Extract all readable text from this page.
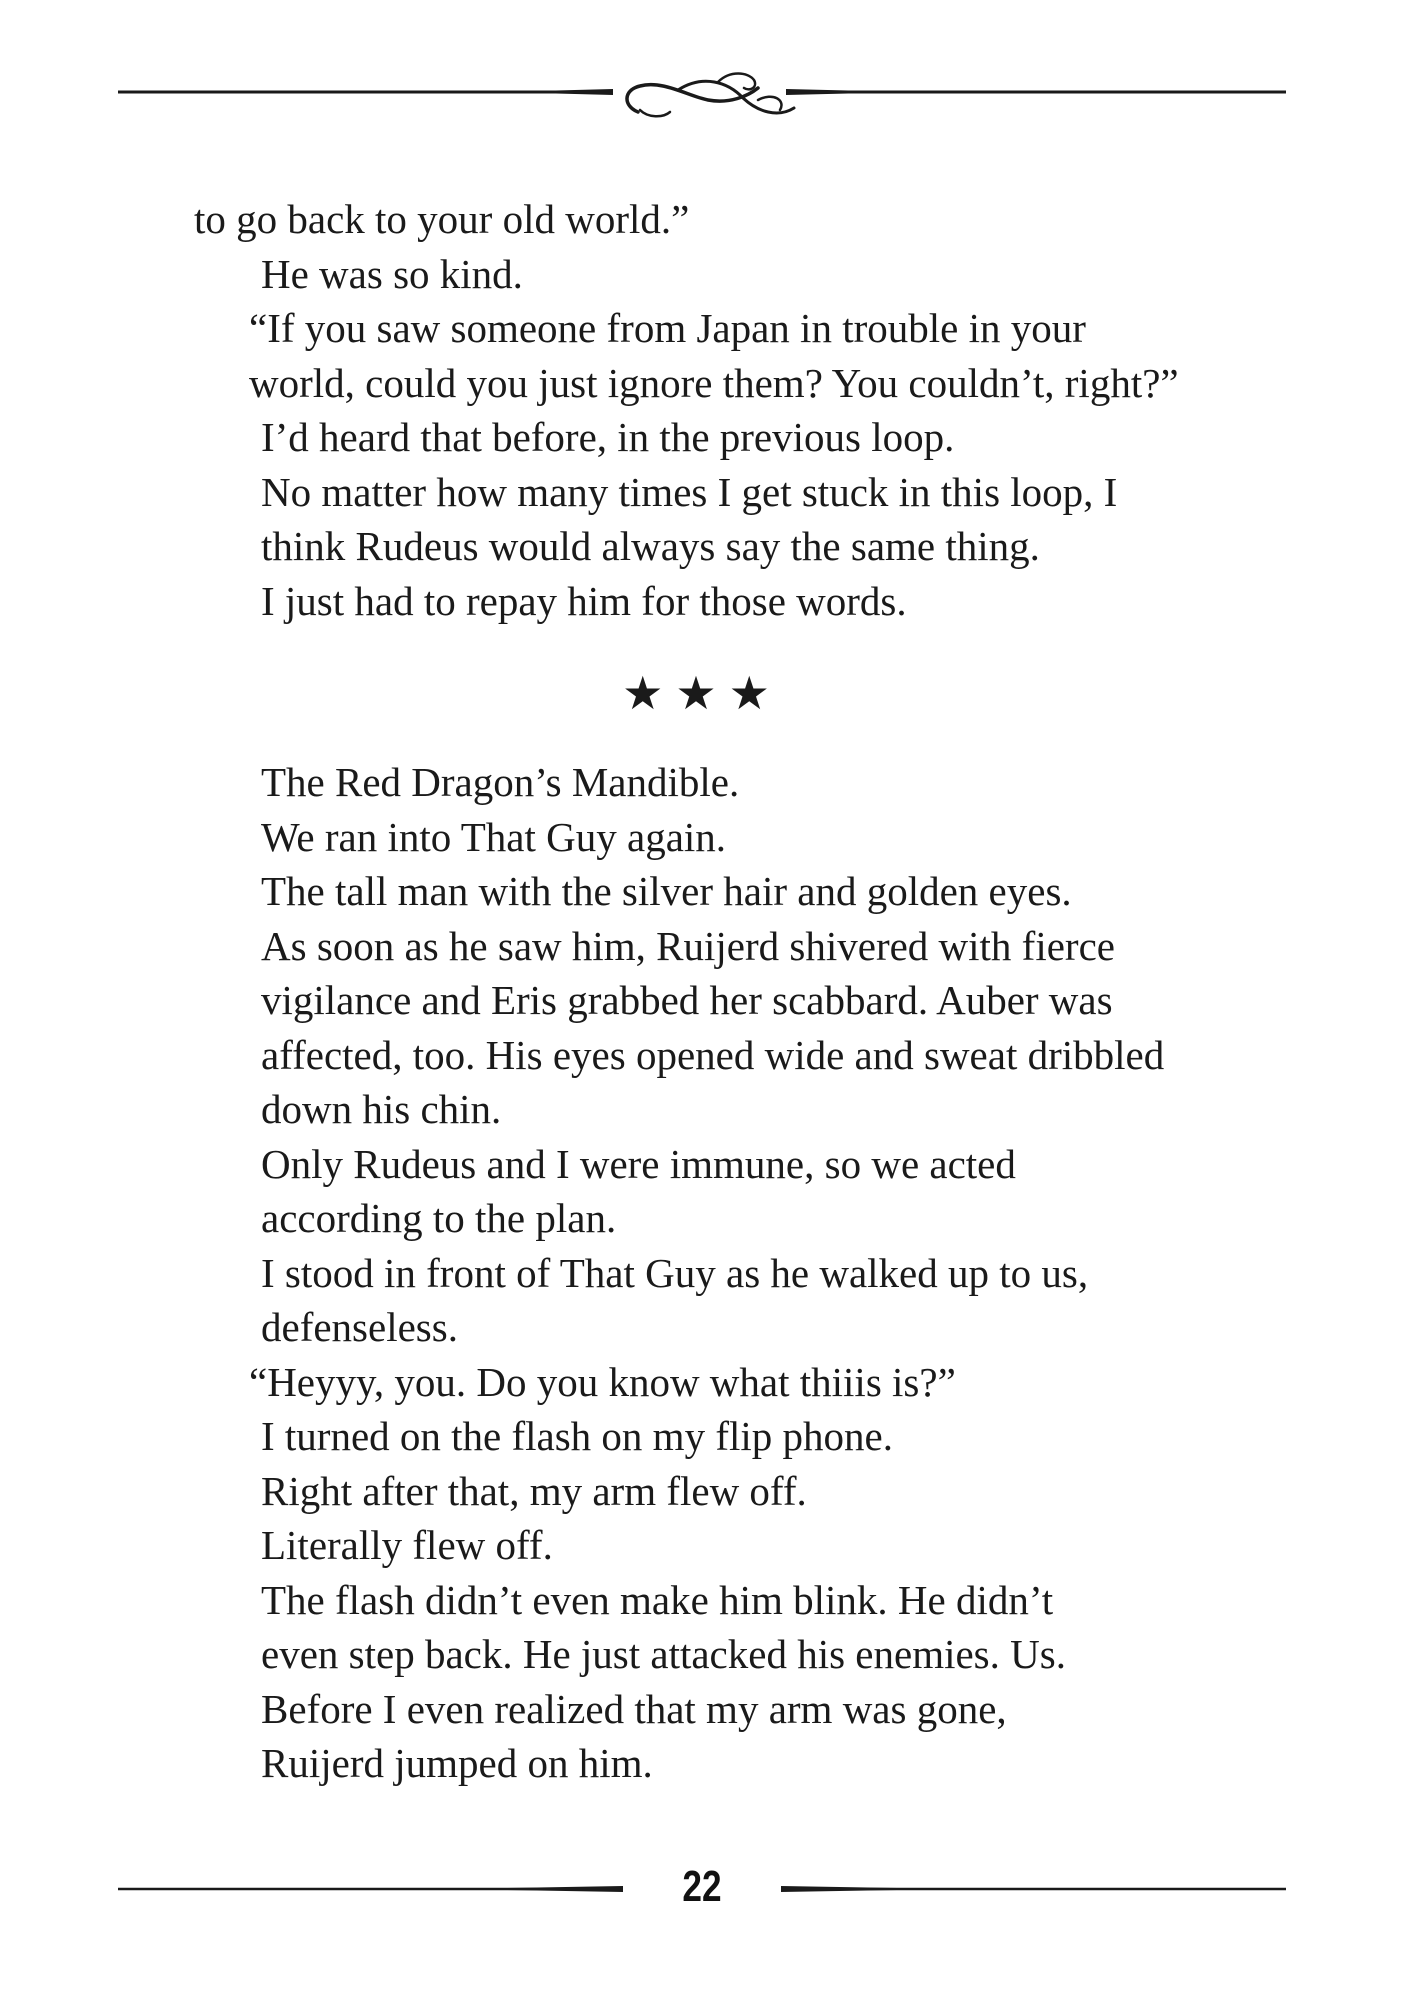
to go back to your old world.”

He was so kind.

“If you saw someone from Japan in trouble in your
world, could you just ignore them? You couldn’t, right?”

I’d heard that before, in the previous loop.

No matter how many times I get stuck in this loop, I
think Rudeus would always say the same thing.

I just had to repay him for those words.

★★★

The Red Dragon’s Mandible.

We ran into That Guy again.

The tall man with the silver hair and golden eyes.

As soon as he saw him, Ruijerd shivered with fierce
vigilance and Eris grabbed her scabbard. Auber was
affected, too. His eyes opened wide and sweat dribbled
down his chin.

Only Rudeus and I were immune, so we acted
according to the plan.

I stood in front of That Guy as he walked up to us,
defenseless.

“Heyyy, you. Do you know what thiiis is?”

I turned on the flash on my flip phone.

Right after that, my arm flew off.

Literally flew off.

The flash didn’t even make him blink. He didn’t
even step back. He just attacked his enemies. Us.

Before I even realized that my arm was gone,
Ruijerd jumped on him.

22
